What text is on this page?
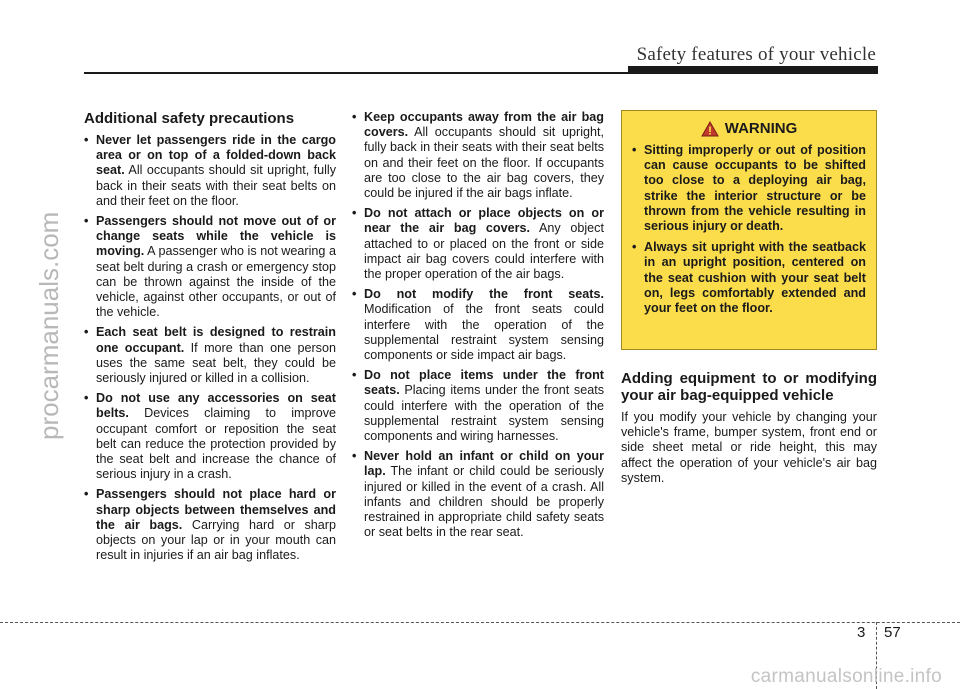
Safety features of your vehicle
procarmanuals.com
Additional safety precautions
• Never let passengers ride in the cargo area or on top of a folded-down back seat. All occupants should sit upright, fully back in their seats with their seat belts on and their feet on the floor.
• Passengers should not move out of or change seats while the vehicle is moving. A passenger who is not wearing a seat belt during a crash or emergency stop can be thrown against the inside of the vehicle, against other occupants, or out of the vehicle.
• Each seat belt is designed to restrain one occupant. If more than one person uses the same seat belt, they could be seriously injured or killed in a collision.
• Do not use any accessories on seat belts. Devices claiming to improve occupant comfort or reposition the seat belt can reduce the protection provided by the seat belt and increase the chance of serious injury in a crash.
• Passengers should not place hard or sharp objects between themselves and the air bags. Carrying hard or sharp objects on your lap or in your mouth can result in injuries if an air bag inflates.
• Keep occupants away from the air bag covers. All occupants should sit upright, fully back in their seats with their seat belts on and their feet on the floor. If occupants are too close to the air bag covers, they could be injured if the air bags inflate.
• Do not attach or place objects on or near the air bag covers. Any object attached to or placed on the front or side impact air bag covers could interfere with the proper operation of the air bags.
• Do not modify the front seats. Modification of the front seats could interfere with the operation of the supplemental restraint system sensing components or side impact air bags.
• Do not place items under the front seats. Placing items under the front seats could interfere with the operation of the supplemental restraint system sensing components and wiring harnesses.
• Never hold an infant or child on your lap. The infant or child could be seriously injured or killed in the event of a crash. All infants and children should be properly restrained in appropriate child safety seats or seat belts in the rear seat.
WARNING
• Sitting improperly or out of position can cause occupants to be shifted too close to a deploying air bag, strike the interior structure or be thrown from the vehicle resulting in serious injury or death.
• Always sit upright with the seatback in an upright position, centered on the seat cushion with your seat belt on, legs comfortably extended and your feet on the floor.
Adding equipment to or modifying your air bag-equipped vehicle
If you modify your vehicle by changing your vehicle's frame, bumper system, front end or side sheet metal or ride height, this may affect the operation of your vehicle's air bag system.
3 57
carmanualsonline.info
